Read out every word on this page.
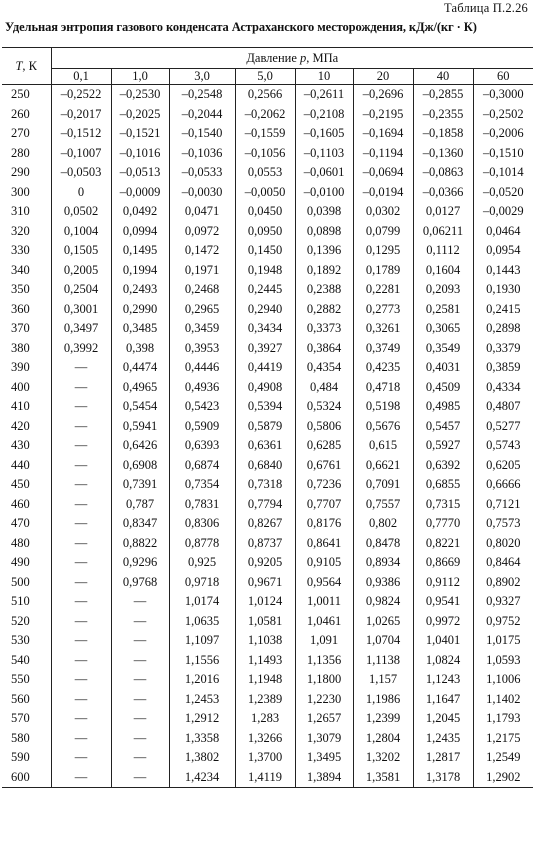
Таблица П.2.26
Удельная энтропия газового конденсата Астраханского месторождения, кДж/(кг · К)
T, К	Давление p, МПа							
	0,1	1,0	3,0	5,0	10	20	40	60
250	–0,2522	–0,2530	–0,2548	0,2566	–0,2611	–0,2696	–0,2855	–0,3000
260	–0,2017	–0,2025	–0,2044	–0,2062	–0,2108	–0,2195	–0,2355	–0,2502
270	–0,1512	–0,1521	–0,1540	–0,1559	–0,1605	–0,1694	–0,1858	–0,2006
280	–0,1007	–0,1016	–0,1036	–0,1056	–0,1103	–0,1194	–0,1360	–0,1510
290	–0,0503	–0,0513	–0,0533	0,0553	–0,0601	–0,0694	–0,0863	–0,1014
300	0	–0,0009	–0,0030	–0,0050	–0,0100	–0,0194	–0,0366	–0,0520
310	0,0502	0,0492	0,0471	0,0450	0,0398	0,0302	0,0127	–0,0029
320	0,1004	0,0994	0,0972	0,0950	0,0898	0,0799	0,06211	0,0464
330	0,1505	0,1495	0,1472	0,1450	0,1396	0,1295	0,1112	0,0954
340	0,2005	0,1994	0,1971	0,1948	0,1892	0,1789	0,1604	0,1443
350	0,2504	0,2493	0,2468	0,2445	0,2388	0,2281	0,2093	0,1930
360	0,3001	0,2990	0,2965	0,2940	0,2882	0,2773	0,2581	0,2415
370	0,3497	0,3485	0,3459	0,3434	0,3373	0,3261	0,3065	0,2898
380	0,3992	0,398	0,3953	0,3927	0,3864	0,3749	0,3549	0,3379
390	—	0,4474	0,4446	0,4419	0,4354	0,4235	0,4031	0,3859
400	—	0,4965	0,4936	0,4908	0,484	0,4718	0,4509	0,4334
410	—	0,5454	0,5423	0,5394	0,5324	0,5198	0,4985	0,4807
420	—	0,5941	0,5909	0,5879	0,5806	0,5676	0,5457	0,5277
430	—	0,6426	0,6393	0,6361	0,6285	0,615	0,5927	0,5743
440	—	0,6908	0,6874	0,6840	0,6761	0,6621	0,6392	0,6205
450	—	0,7391	0,7354	0,7318	0,7236	0,7091	0,6855	0,6666
460	—	0,787	0,7831	0,7794	0,7707	0,7557	0,7315	0,7121
470	—	0,8347	0,8306	0,8267	0,8176	0,802	0,7770	0,7573
480	—	0,8822	0,8778	0,8737	0,8641	0,8478	0,8221	0,8020
490	—	0,9296	0,925	0,9205	0,9105	0,8934	0,8669	0,8464
500	—	0,9768	0,9718	0,9671	0,9564	0,9386	0,9112	0,8902
510	—	—	1,0174	1,0124	1,0011	0,9824	0,9541	0,9327
520	—	—	1,0635	1,0581	1,0461	1,0265	0,9972	0,9752
530	—	—	1,1097	1,1038	1,091	1,0704	1,0401	1,0175
540	—	—	1,1556	1,1493	1,1356	1,1138	1,0824	1,0593
550	—	—	1,2016	1,1948	1,1800	1,157	1,1243	1,1006
560	—	—	1,2453	1,2389	1,2230	1,1986	1,1647	1,1402
570	—	—	1,2912	1,283	1,2657	1,2399	1,2045	1,1793
580	—	—	1,3358	1,3266	1,3079	1,2804	1,2435	1,2175
590	—	—	1,3802	1,3700	1,3495	1,3202	1,2817	1,2549
600	—	—	1,4234	1,4119	1,3894	1,3581	1,3178	1,2902
